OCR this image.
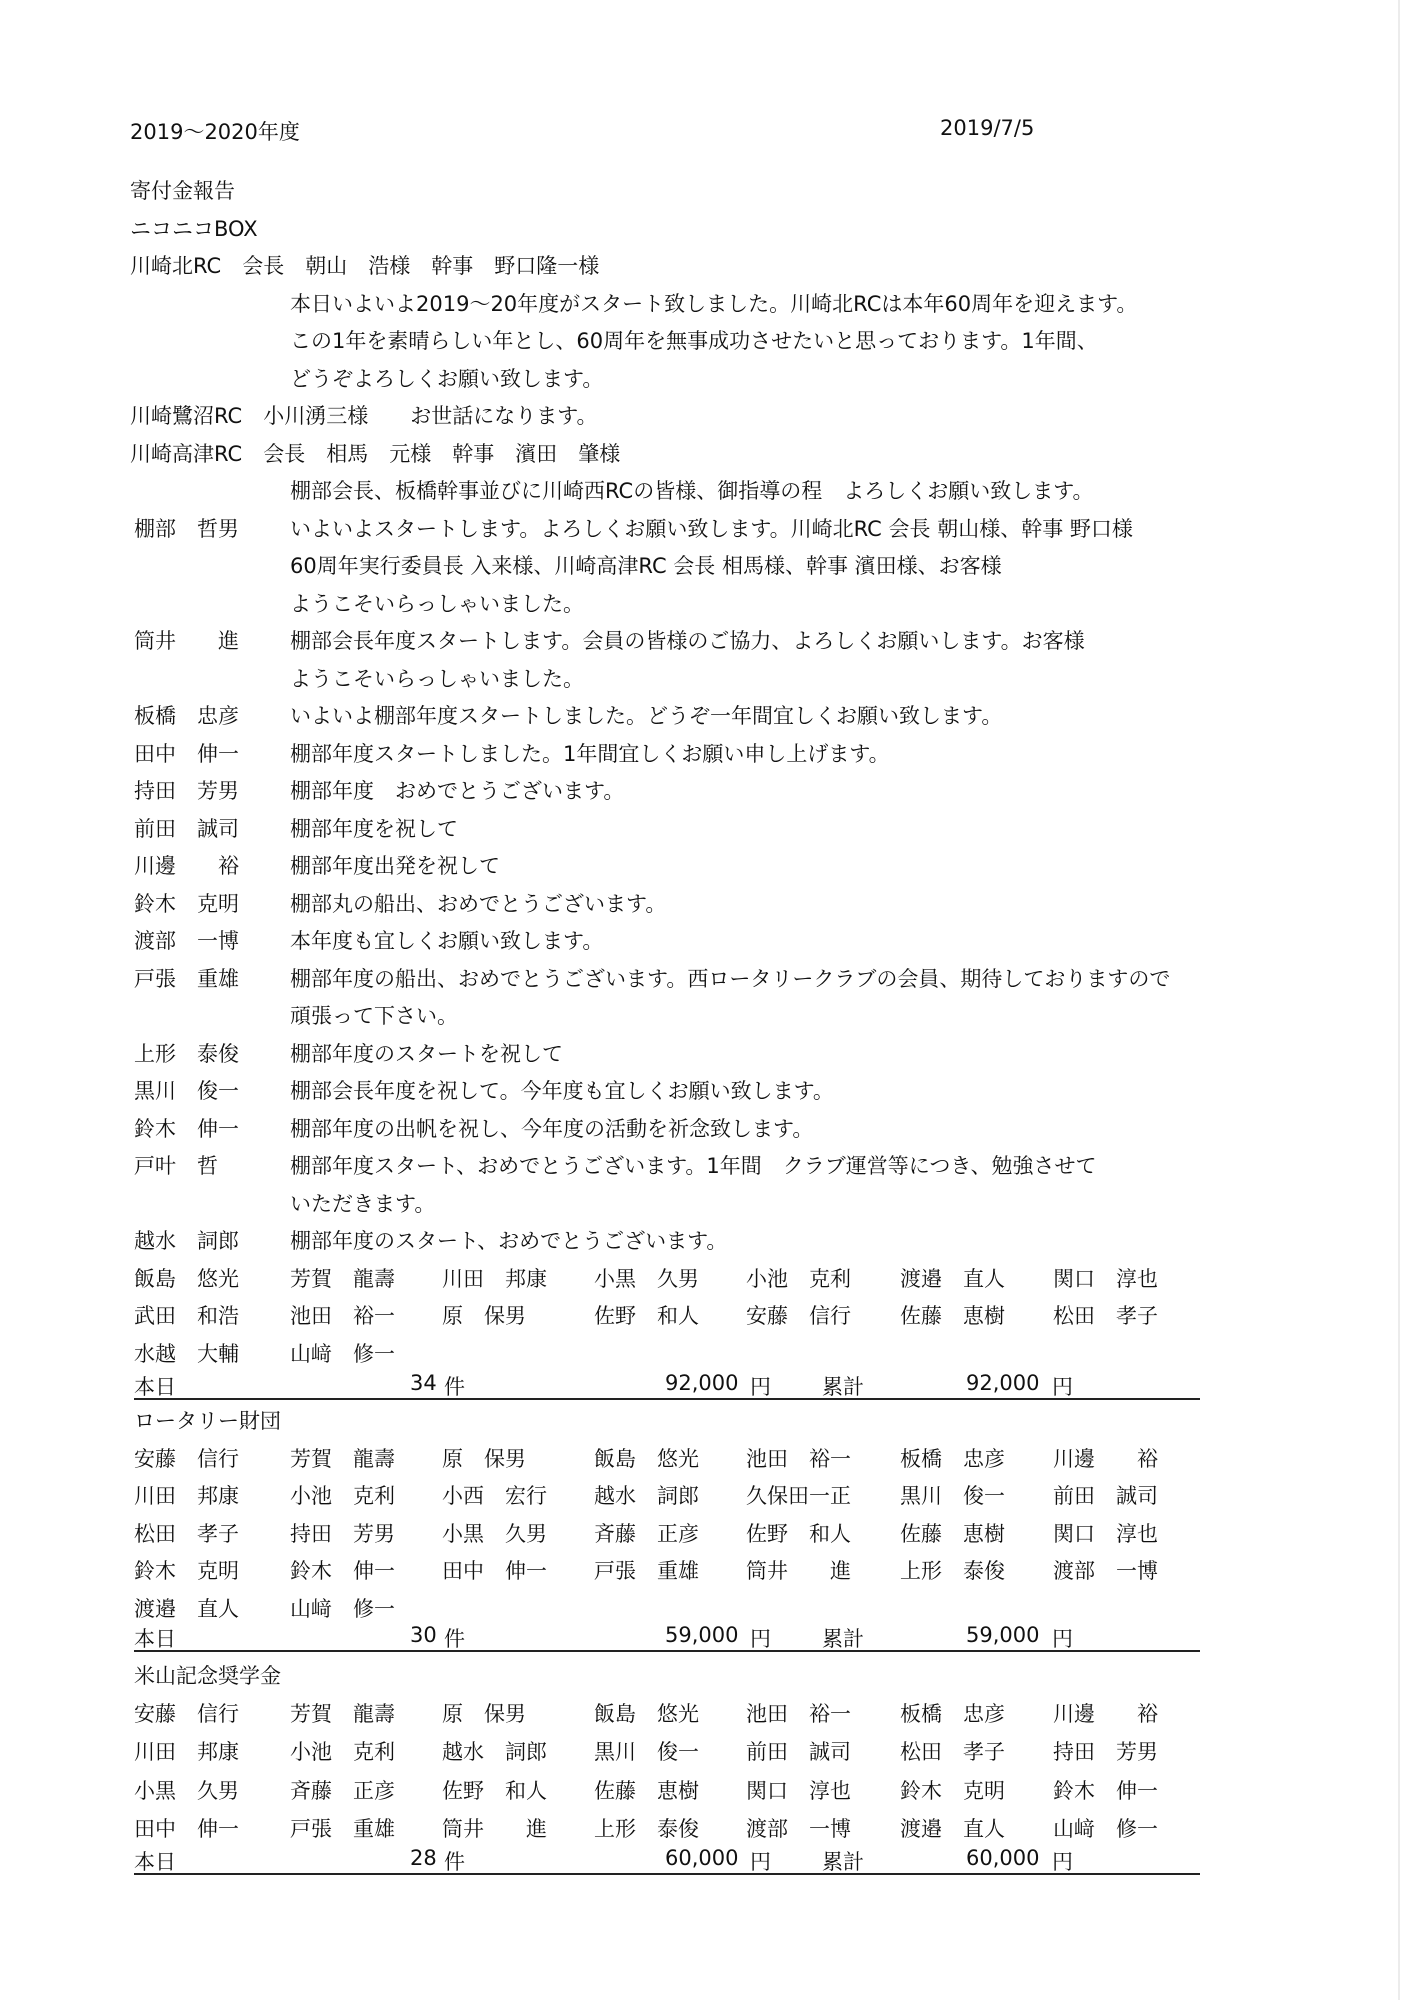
2019～2020年度	2019/7/5
寄付金報告
ニコニコBOX
川崎北RC　会長　朝山　浩様　幹事　野口隆一様
本日いよいよ2019～20年度がスタート致しました。川崎北RCは本年60周年を迎えます。
この1年を素晴らしい年とし、60周年を無事成功させたいと思っております。1年間、
どうぞよろしくお願い致します。
川崎鷺沼RC　小川湧三様　　お世話になります。
川崎高津RC　会長　相馬　元様　幹事　濱田　肇様
棚部会長、板橋幹事並びに川崎西RCの皆様、御指導の程　よろしくお願い致します。
棚部　哲男 いよいよスタートします。よろしくお願い致します。川崎北RC 会長 朝山様、幹事 野口様
60周年実行委員長 入来様、川崎高津RC 会長 相馬様、幹事 濱田様、お客様
ようこそいらっしゃいました。
筒井　　進 棚部会長年度スタートします。会員の皆様のご協力、よろしくお願いします。お客様
ようこそいらっしゃいました。
板橋　忠彦 いよいよ棚部年度スタートしました。どうぞ一年間宜しくお願い致します。
田中　伸一 棚部年度スタートしました。1年間宜しくお願い申し上げます。
持田　芳男 棚部年度　おめでとうございます。
前田　誠司 棚部年度を祝して
川邊　　裕 棚部年度出発を祝して
鈴木　克明 棚部丸の船出、おめでとうございます。
渡部　一博 本年度も宜しくお願い致します。
戸張　重雄 棚部年度の船出、おめでとうございます。西ロータリークラブの会員、期待しておりますので
頑張って下さい。
上形　泰俊 棚部年度のスタートを祝して
黒川　俊一 棚部会長年度を祝して。今年度も宜しくお願い致します。
鈴木　伸一 棚部年度の出帆を祝し、今年度の活動を祈念致します。
戸叶　哲	棚部年度スタート、おめでとうございます。1年間　クラブ運営等につき、勉強させて
いただきます。
越水　詞郎 棚部年度のスタート、おめでとうございます。
飯島　悠光 芳賀　龍壽 川田　邦康 小黒　久男 小池　克利 渡邉　直人 関口　淳也
武田　和浩 池田　裕一 原　保男	佐野　和人 安藤　信行 佐藤　恵樹 松田　孝子
水越　大輔 山﨑　修一
本日	34 件	92,000 円 累計	92,000 円
ロータリー財団
安藤　信行 芳賀　龍壽 原　保男	飯島　悠光 池田　裕一 板橋　忠彦 川邊　　裕
川田　邦康 小池　克利 小西　宏行 越水　詞郎 久保田一正 黒川　俊一 前田　誠司
松田　孝子 持田　芳男 小黒　久男 斉藤　正彦 佐野　和人 佐藤　恵樹 関口　淳也
鈴木　克明 鈴木　伸一 田中　伸一 戸張　重雄 筒井　　進 上形　泰俊 渡部　一博
渡邉　直人 山﨑　修一
本日	30 件	59,000 円 累計	59,000 円
米山記念奨学金
安藤　信行 芳賀　龍壽 原　保男	飯島　悠光 池田　裕一 板橋　忠彦 川邊　　裕
川田　邦康 小池　克利 越水　詞郎 黒川　俊一 前田　誠司 松田　孝子 持田　芳男
小黒　久男 斉藤　正彦 佐野　和人 佐藤　恵樹 関口　淳也 鈴木　克明 鈴木　伸一
田中　伸一 戸張　重雄 筒井　　進 上形　泰俊 渡部　一博 渡邉　直人 山﨑　修一
本日	28 件	60,000 円 累計	60,000 円
